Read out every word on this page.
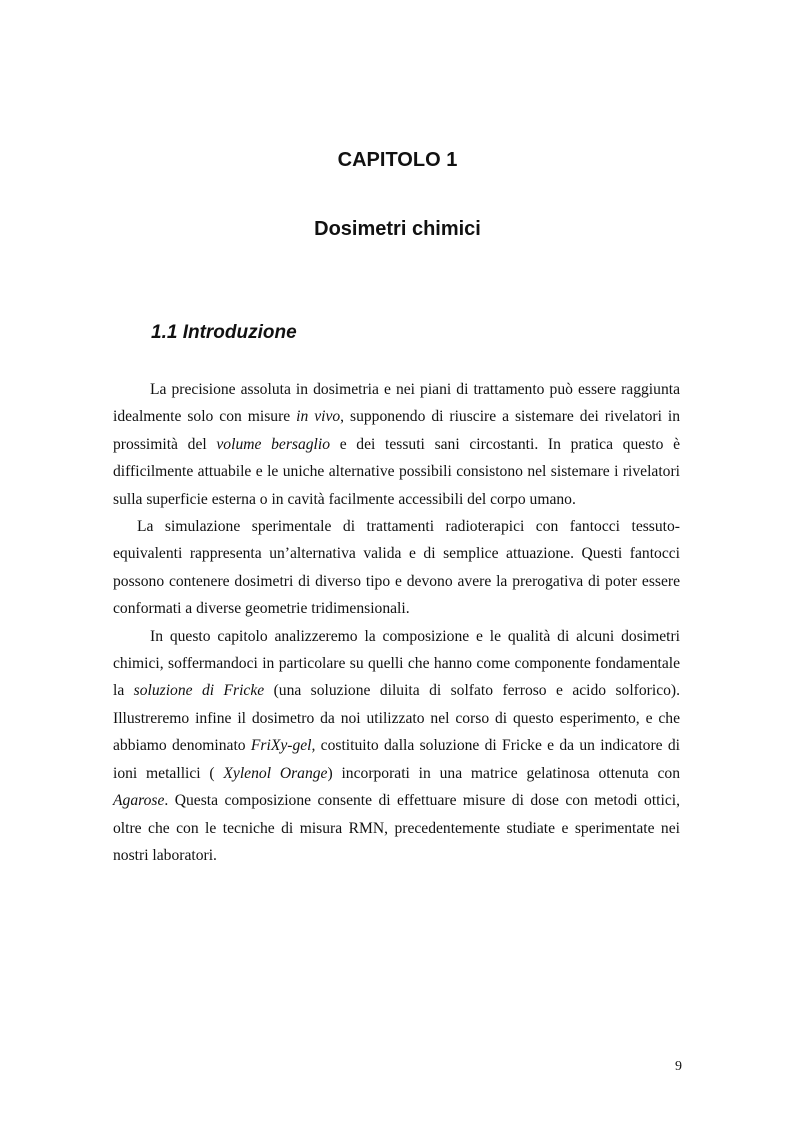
CAPITOLO 1
Dosimetri chimici
1.1 Introduzione

La precisione assoluta in dosimetria e nei piani di trattamento può essere raggiunta idealmente solo con misure in vivo, supponendo di riuscire a sistemare dei rivelatori in prossimità del volume bersaglio e dei tessuti sani circostanti. In pratica questo è difficilmente attuabile e le uniche alternative possibili consistono nel sistemare i rivelatori sulla superficie esterna o in cavità facilmente accessibili del corpo umano.

La simulazione sperimentale di trattamenti radioterapici con fantocci tessuto-equivalenti rappresenta un’alternativa valida e di semplice attuazione. Questi fantocci possono contenere dosimetri di diverso tipo e devono avere la prerogativa di poter essere conformati a diverse geometrie tridimensionali.

In questo capitolo analizzeremo la composizione e le qualità di alcuni dosimetri chimici, soffermandoci in particolare su quelli che hanno come componente fondamentale la soluzione di Fricke (una soluzione diluita di solfato ferroso e acido solforico). Illustreremo infine il dosimetro da noi utilizzato nel corso di questo esperimento, e che abbiamo denominato FriXy-gel, costituito dalla soluzione di Fricke e da un indicatore di ioni metallici ( Xylenol Orange) incorporati in una matrice gelatinosa ottenuta con Agarose. Questa composizione consente di effettuare misure di dose con metodi ottici, oltre che con le tecniche di misura RMN, precedentemente studiate e sperimentate nei nostri laboratori.

9
